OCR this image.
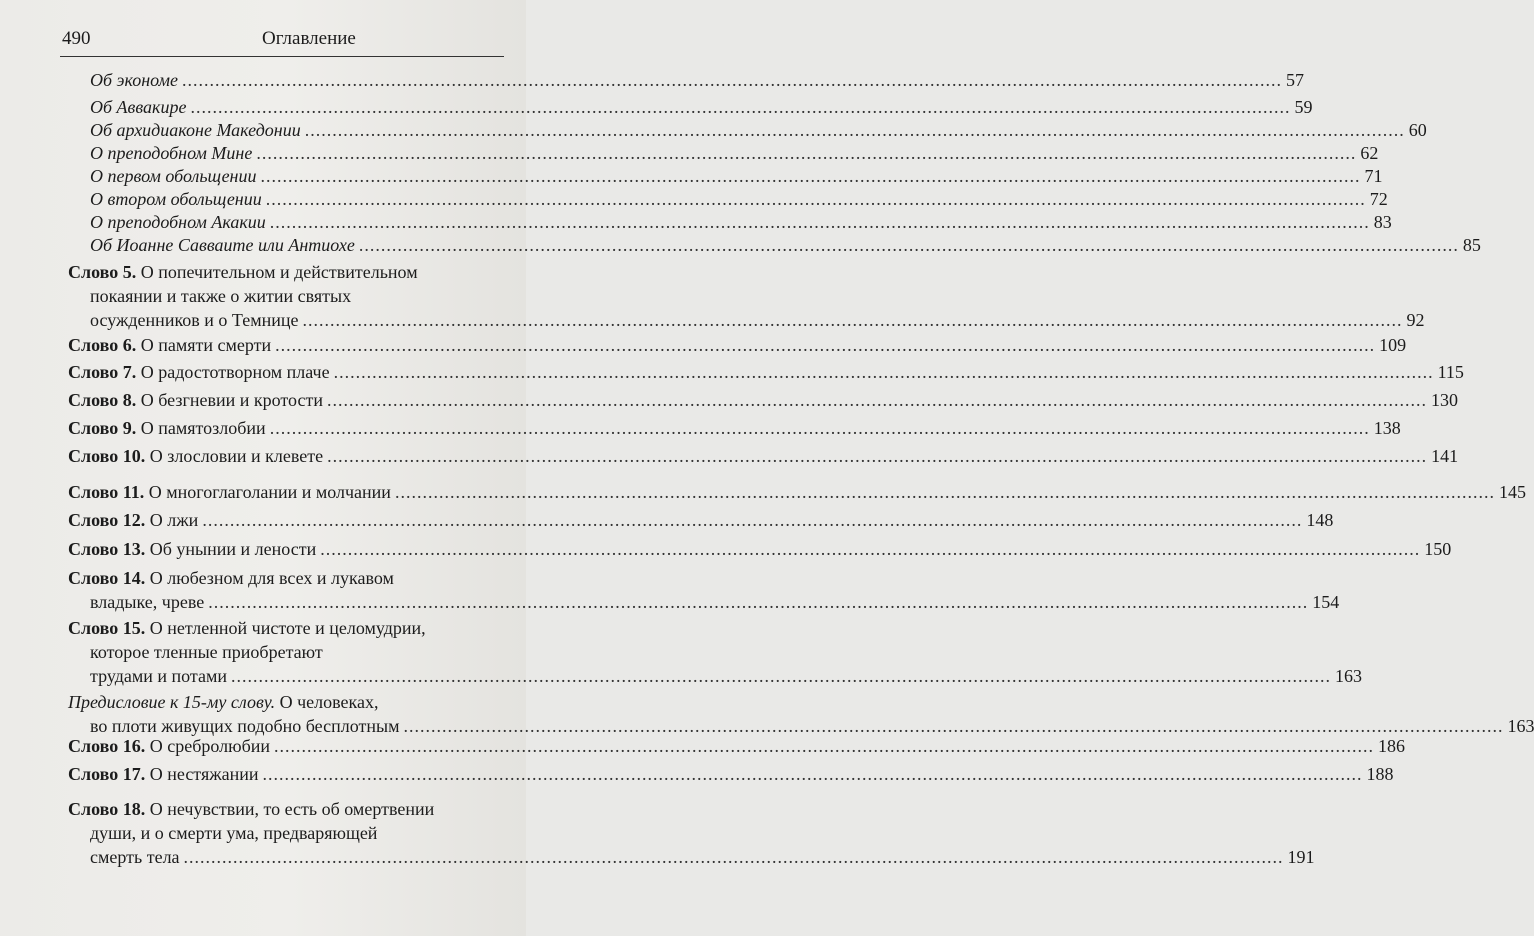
490	Оглавление
Об экономе ........................................................................................................................................................................................................ 57
Об Аввакире ........................................................................................................................................................................................................ 59
Об архидиаконе Македонии ........................................................................................................................................................................................................ 60
О преподобном Мине ........................................................................................................................................................................................................ 62
О первом обольщении ........................................................................................................................................................................................................ 71
О втором обольщении ........................................................................................................................................................................................................ 72
О преподобном Акакии ........................................................................................................................................................................................................ 83
Об Иоанне Савваите или Антиохе ........................................................................................................................................................................................................ 85
Слово 5. О попечительном и действительном
покаянии и также о житии святых
осужденников и о Темнице ........................................................................................................................................................................................................ 92
Слово 6. О памяти смерти ........................................................................................................................................................................................................ 109
Слово 7. О радостотворном плаче ........................................................................................................................................................................................................ 115
Слово 8. О безгневии и кротости ........................................................................................................................................................................................................ 130
Слово 9. О памятозлобии ........................................................................................................................................................................................................ 138
Слово 10. О злословии и клевете ........................................................................................................................................................................................................ 141
Слово 11. О многоглаголании и молчании ........................................................................................................................................................................................................ 145
Слово 12. О лжи ........................................................................................................................................................................................................ 148
Слово 13. Об унынии и лености ........................................................................................................................................................................................................ 150
Слово 14. О любезном для всех и лукавом
владыке, чреве ........................................................................................................................................................................................................ 154
Слово 15. О нетленной чистоте и целомудрии,
которое тленные приобретают
трудами и потами ........................................................................................................................................................................................................ 163
Предисловие к 15-му слову. О человеках,
во плоти живущих подобно бесплотным ........................................................................................................................................................................................................ 163
Слово 16. О сребролюбии ........................................................................................................................................................................................................ 186
Слово 17. О нестяжании ........................................................................................................................................................................................................ 188
Слово 18. О нечувствии, то есть об омертвении
души, и о смерти ума, предваряющей
смерть тела ........................................................................................................................................................................................................ 191
